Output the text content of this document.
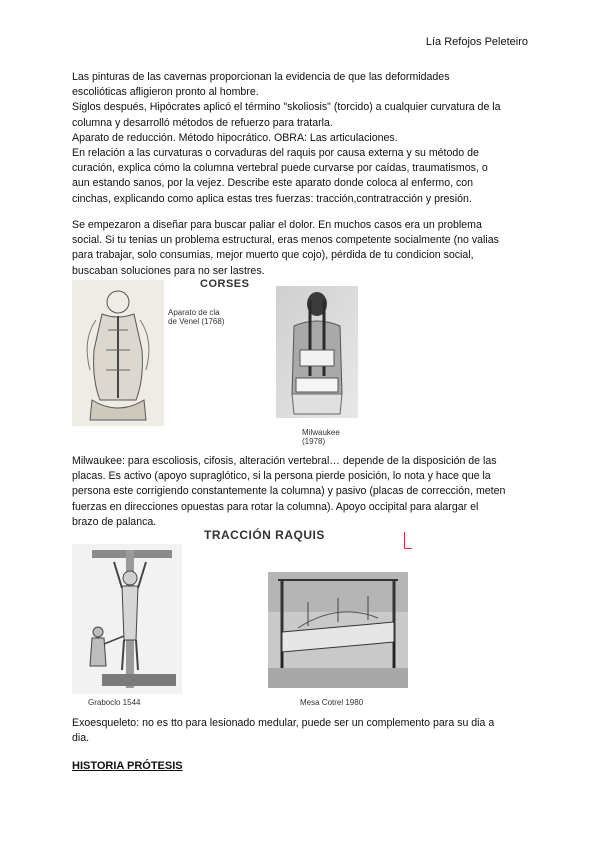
Lía Refojos Peleteiro
Las pinturas de las cavernas proporcionan la evidencia de que las deformidades
escolióticas afligieron pronto al hombre.
Siglos después, Hipócrates aplicó el término "skoliosis" (torcido) a cualquier curvatura de la
columna y desarrolló métodos de refuerzo para tratarla.
Aparato de reducción. Método hipocrático. OBRA: Las articulaciones.
En relación a las curvaturas o corvaduras del raquis por causa externa y su método de
curación, explica cómo la columna vertebral puede curvarse por caídas, traumatismos, o
aun estando sanos, por la vejez. Describe este aparato donde coloca al enfermo, con
cinchas, explicando como aplica estas tres fuerzas: tracción,contratracción y presión.
Se empezaron a diseñar para buscar paliar el dolor. En muchos casos era un problema
social. Si tu tenias un problema estructural, eras menos competente socialmente (no valias
para trabajar, solo consumias, mejor muerto que cojo), pérdida de tu condicion social,
buscaban soluciones para no ser lastres.
CORSES
Aparato de cla
de Venel (1768)
Milwaukee
(1978)
Milwaukee: para escoliosis, cifosis, alteración vertebral… depende de la disposición de las
placas. Es activo (apoyo supraglótico, si la persona pierde posición, lo nota y hace que la
persona este corrigiendo constantemente la columna) y pasivo (placas de corrección, meten
fuerzas en direcciones opuestas para rotar la columna). Apoyo occipital para alargar el
brazo de palanca.
TRACCIÓN RAQUIS
Graboclo 1544	Mesa Cotrel 1980
Exoesqueleto: no es tto para lesionado medular, puede ser un complemento para su dia a
dia.
HISTORIA PRÓTESIS
